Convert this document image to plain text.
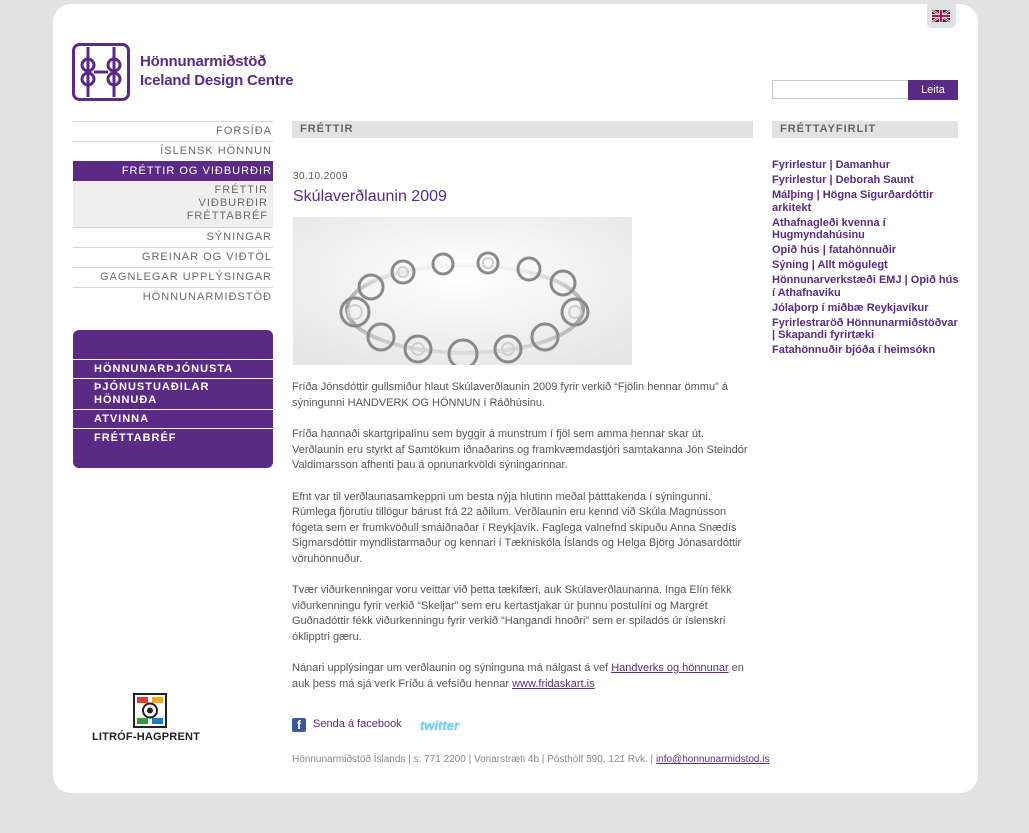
Hönnunarmiðstöð
Iceland Design Centre
Leita
FORSÍÐA
ÍSLENSK HÖNNUN
FRÉTTIR OG VIÐBURÐIR
FRÉTTIR
VIÐBURÐIR
FRÉTTABRÉF
SÝNINGAR
GREINAR OG VIÐTÖL
GAGNLEGAR UPPLÝSINGAR
HÖNNUNARMIÐSTÖÐ
HÖNNUNARÞJÓNUSTA
ÞJÓNUSTUAÐILAR HÖNNUÐA
ATVINNA
FRÉTTABRÉF
LITRÓF-HAGPRENT
FRÉTTIR
30.10.2009
Skúlaverðlaunin 2009

Fríða Jónsdóttir gullsmiður hlaut Skúlaverðlaunin 2009 fyrir verkið “Fjölin hennar ömmu” á sýningunni HANDVERK OG HÖNNUN í Ráðhúsinu.

Fríða hannaði skartgripalínu sem byggir á munstrum í fjöl sem amma hennar skar út. Verðlaunin eru styrkt af Samtökum iðnaðarins og framkvæmdastjóri samtakanna Jón Steindór Valdimarsson afhenti þau á opnunarkvöldi sýningarinnar.

Efnt var til verðlaunasamkeppni um besta nýja hlutinn meðal þátttakenda í sýningunni. Rúmlega fjörutíu tillögur bárust frá 22 aðilum. Verðlaunin eru kennd við Skúla Magnússon fógeta sem er frumkvöðull smáiðnaðar í Reykjavík. Faglega valnefnd skipuðu Anna Snædís Sigmarsdóttir myndlistarmaður og kennari í Tækniskóla Íslands og Helga Björg Jónasardóttir vöruhönnuður.

Tvær viðurkenningar voru veittar við þetta tækifæri, auk Skúlaverðlaunanna. Inga Elín fékk viðurkenningu fyrir verkið “Skeljar” sem eru kertastjakar úr þunnu postulíni og Margrét Guðnadóttir fékk viðurkenningu fyrir verkið “Hangandi hnoðri” sem er spiladós úr íslenskri óklipptri gæru.

Nánari upplýsingar um verðlaunin og sýninguna má nálgast á vef Handverks og hönnunar en auk þess má sjá verk Fríðu á vefsíðu hennar www.fridaskart.is

f	Senda á facebook twitter
Hönnunarmiðstöð Íslands | s: 771 2200 | Vonarstræti 4b | Pósthólf 590, 121 Rvk. | info@honnunarmidstod.is
FRÉTTAYFIRLIT
Fyrirlestur | Damanhur
Fyrirlestur | Deborah Saunt
Málþing | Högna Sigurðardóttir arkitekt
Athafnagleði kvenna í Hugmyndahúsinu
Opið hús | fatahönnuðir
Sýning | Allt mögulegt
Hönnunarverkstæði EMJ | Opið hús í Athafnaviku
Jólaþorp í miðbæ Reykjavíkur
Fyrirlestraröð Hönnunarmiðstöðvar | Skapandi fyrirtæki
Fatahönnuðir bjóða í heimsókn
